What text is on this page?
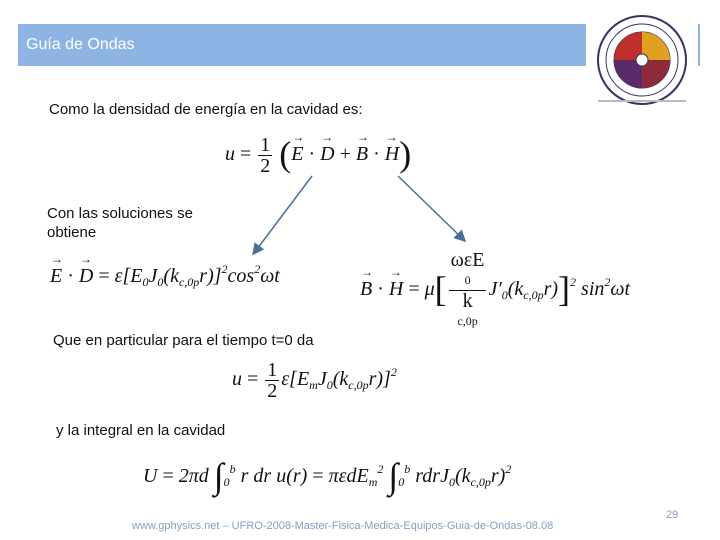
Guía de Ondas
Como la densidad de energía en la cavidad es:
$u = \frac{1}{2}$ (→ E · → D + → B · → H)
Con las soluciones se obtiene
→ E · → $D = \varepsilon[E_0J_0(k_{c,0p}r)]^2\cos^2\omega t$
→ B · → H = μ[ ωεE
0
k
c,0p $J'_0(k_{c,0p}r)]^2$ $\sin^2\omega t$
Que en particular para el tiempo t=0 da
$u = \frac{1}{2} \varepsilon[E_mJ_0(k_{c,0p}r)]^2$
y la integral en la cavidad
U = 2πd $\int_0^b$ r dr u(r) = πεdE$_m^2$ $\int_0^b$ $rdrJ_0(k_{c,0p}r)^2$
29
www.gphysics.net – UFRO-2008-Master-Fisica-Medica-Equipos-Guia-de-Ondas-08.08
